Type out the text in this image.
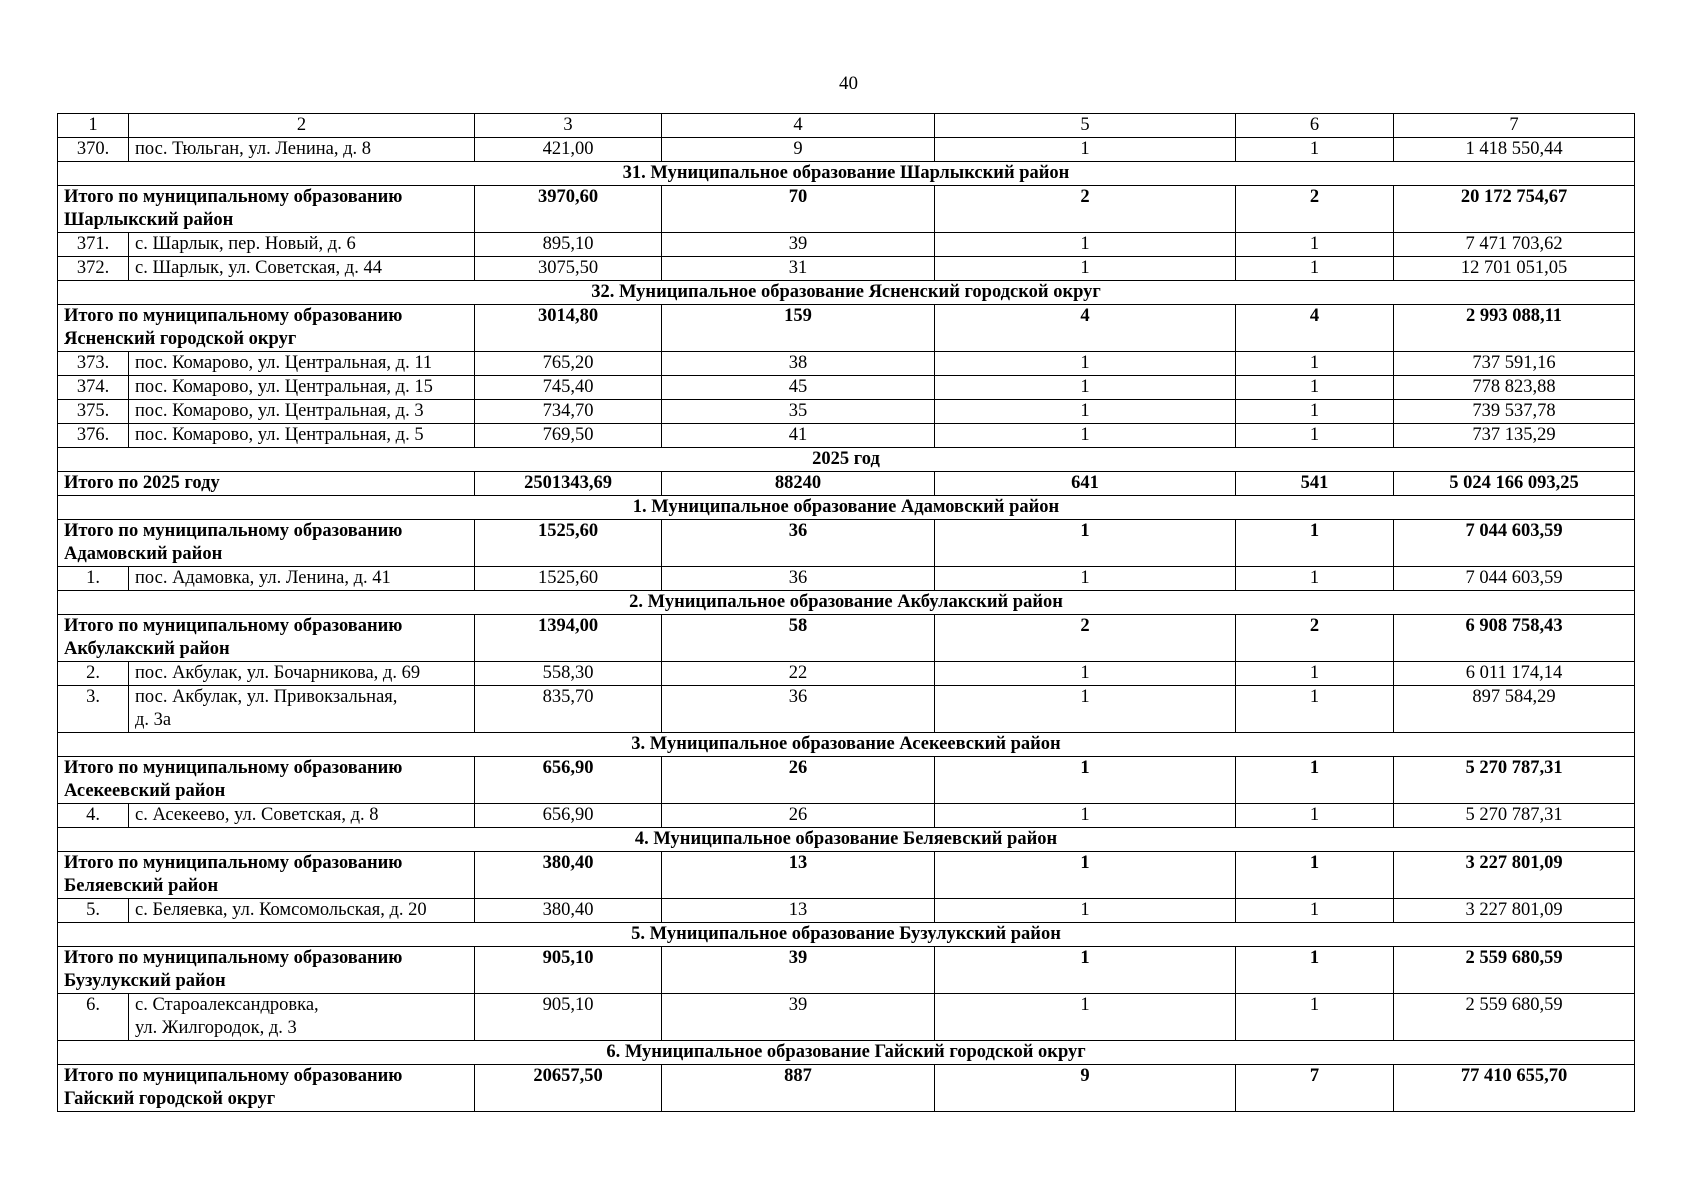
40
1	2	3	4	5	6	7
370.	пос. Тюльган, ул. Ленина, д. 8	421,00	9	1	1	1 418 550,44
31. Муниципальное образование Шарлыкский район						

Итого по муниципальному образованию
Шарлыкский район		3970,60	70	2	2	20 172 754,67
371.	с. Шарлык, пер. Новый, д. 6	895,10	39	1	1	7 471 703,62
372.	с. Шарлык, ул. Советская, д. 44	3075,50	31	1	1	12 701 051,05
32. Муниципальное образование Ясненский городской округ						

Итого по муниципальному образованию
Ясненский городской округ		3014,80	159	4	4	2 993 088,11
373.	пос. Комарово, ул. Центральная, д. 11	765,20	38	1	1	737 591,16
374.	пос. Комарово, ул. Центральная, д. 15	745,40	45	1	1	778 823,88
375.	пос. Комарово, ул. Центральная, д. 3	734,70	35	1	1	739 537,78
376.	пос. Комарово, ул. Центральная, д. 5	769,50	41	1	1	737 135,29
2025 год						

Итого по 2025 году		2501343,69	88240	641	541	5 024 166 093,25
1. Муниципальное образование Адамовский район						

Итого по муниципальному образованию
Адамовский район		1525,60	36	1	1	7 044 603,59
1.	пос. Адамовка, ул. Ленина, д. 41	1525,60	36	1	1	7 044 603,59
2. Муниципальное образование Акбулакский район						

Итого по муниципальному образованию
Акбулакский район		1394,00	58	2	2	6 908 758,43
2.	пос. Акбулак, ул. Бочарникова, д. 69	558,30	22	1	1	6 011 174,14
3.	пос. Акбулак, ул. Привокзальная,
д. 3а	835,70	36	1	1	897 584,29
3. Муниципальное образование Асекеевский район						

Итого по муниципальному образованию
Асекеевский район		656,90	26	1	1	5 270 787,31
4.	с. Асекеево, ул. Советская, д. 8	656,90	26	1	1	5 270 787,31
4. Муниципальное образование Беляевский район						

Итого по муниципальному образованию
Беляевский район		380,40	13	1	1	3 227 801,09
5.	с. Беляевка, ул. Комсомольская, д. 20	380,40	13	1	1	3 227 801,09
5. Муниципальное образование Бузулукский район						

Итого по муниципальному образованию
Бузулукский район		905,10	39	1	1	2 559 680,59
6.	с. Староалександровка,
ул. Жилгородок, д. 3	905,10	39	1	1	2 559 680,59
6. Муниципальное образование Гайский городской округ						

Итого по муниципальному образованию
Гайский городской округ		20657,50	887	9	7	77 410 655,70
